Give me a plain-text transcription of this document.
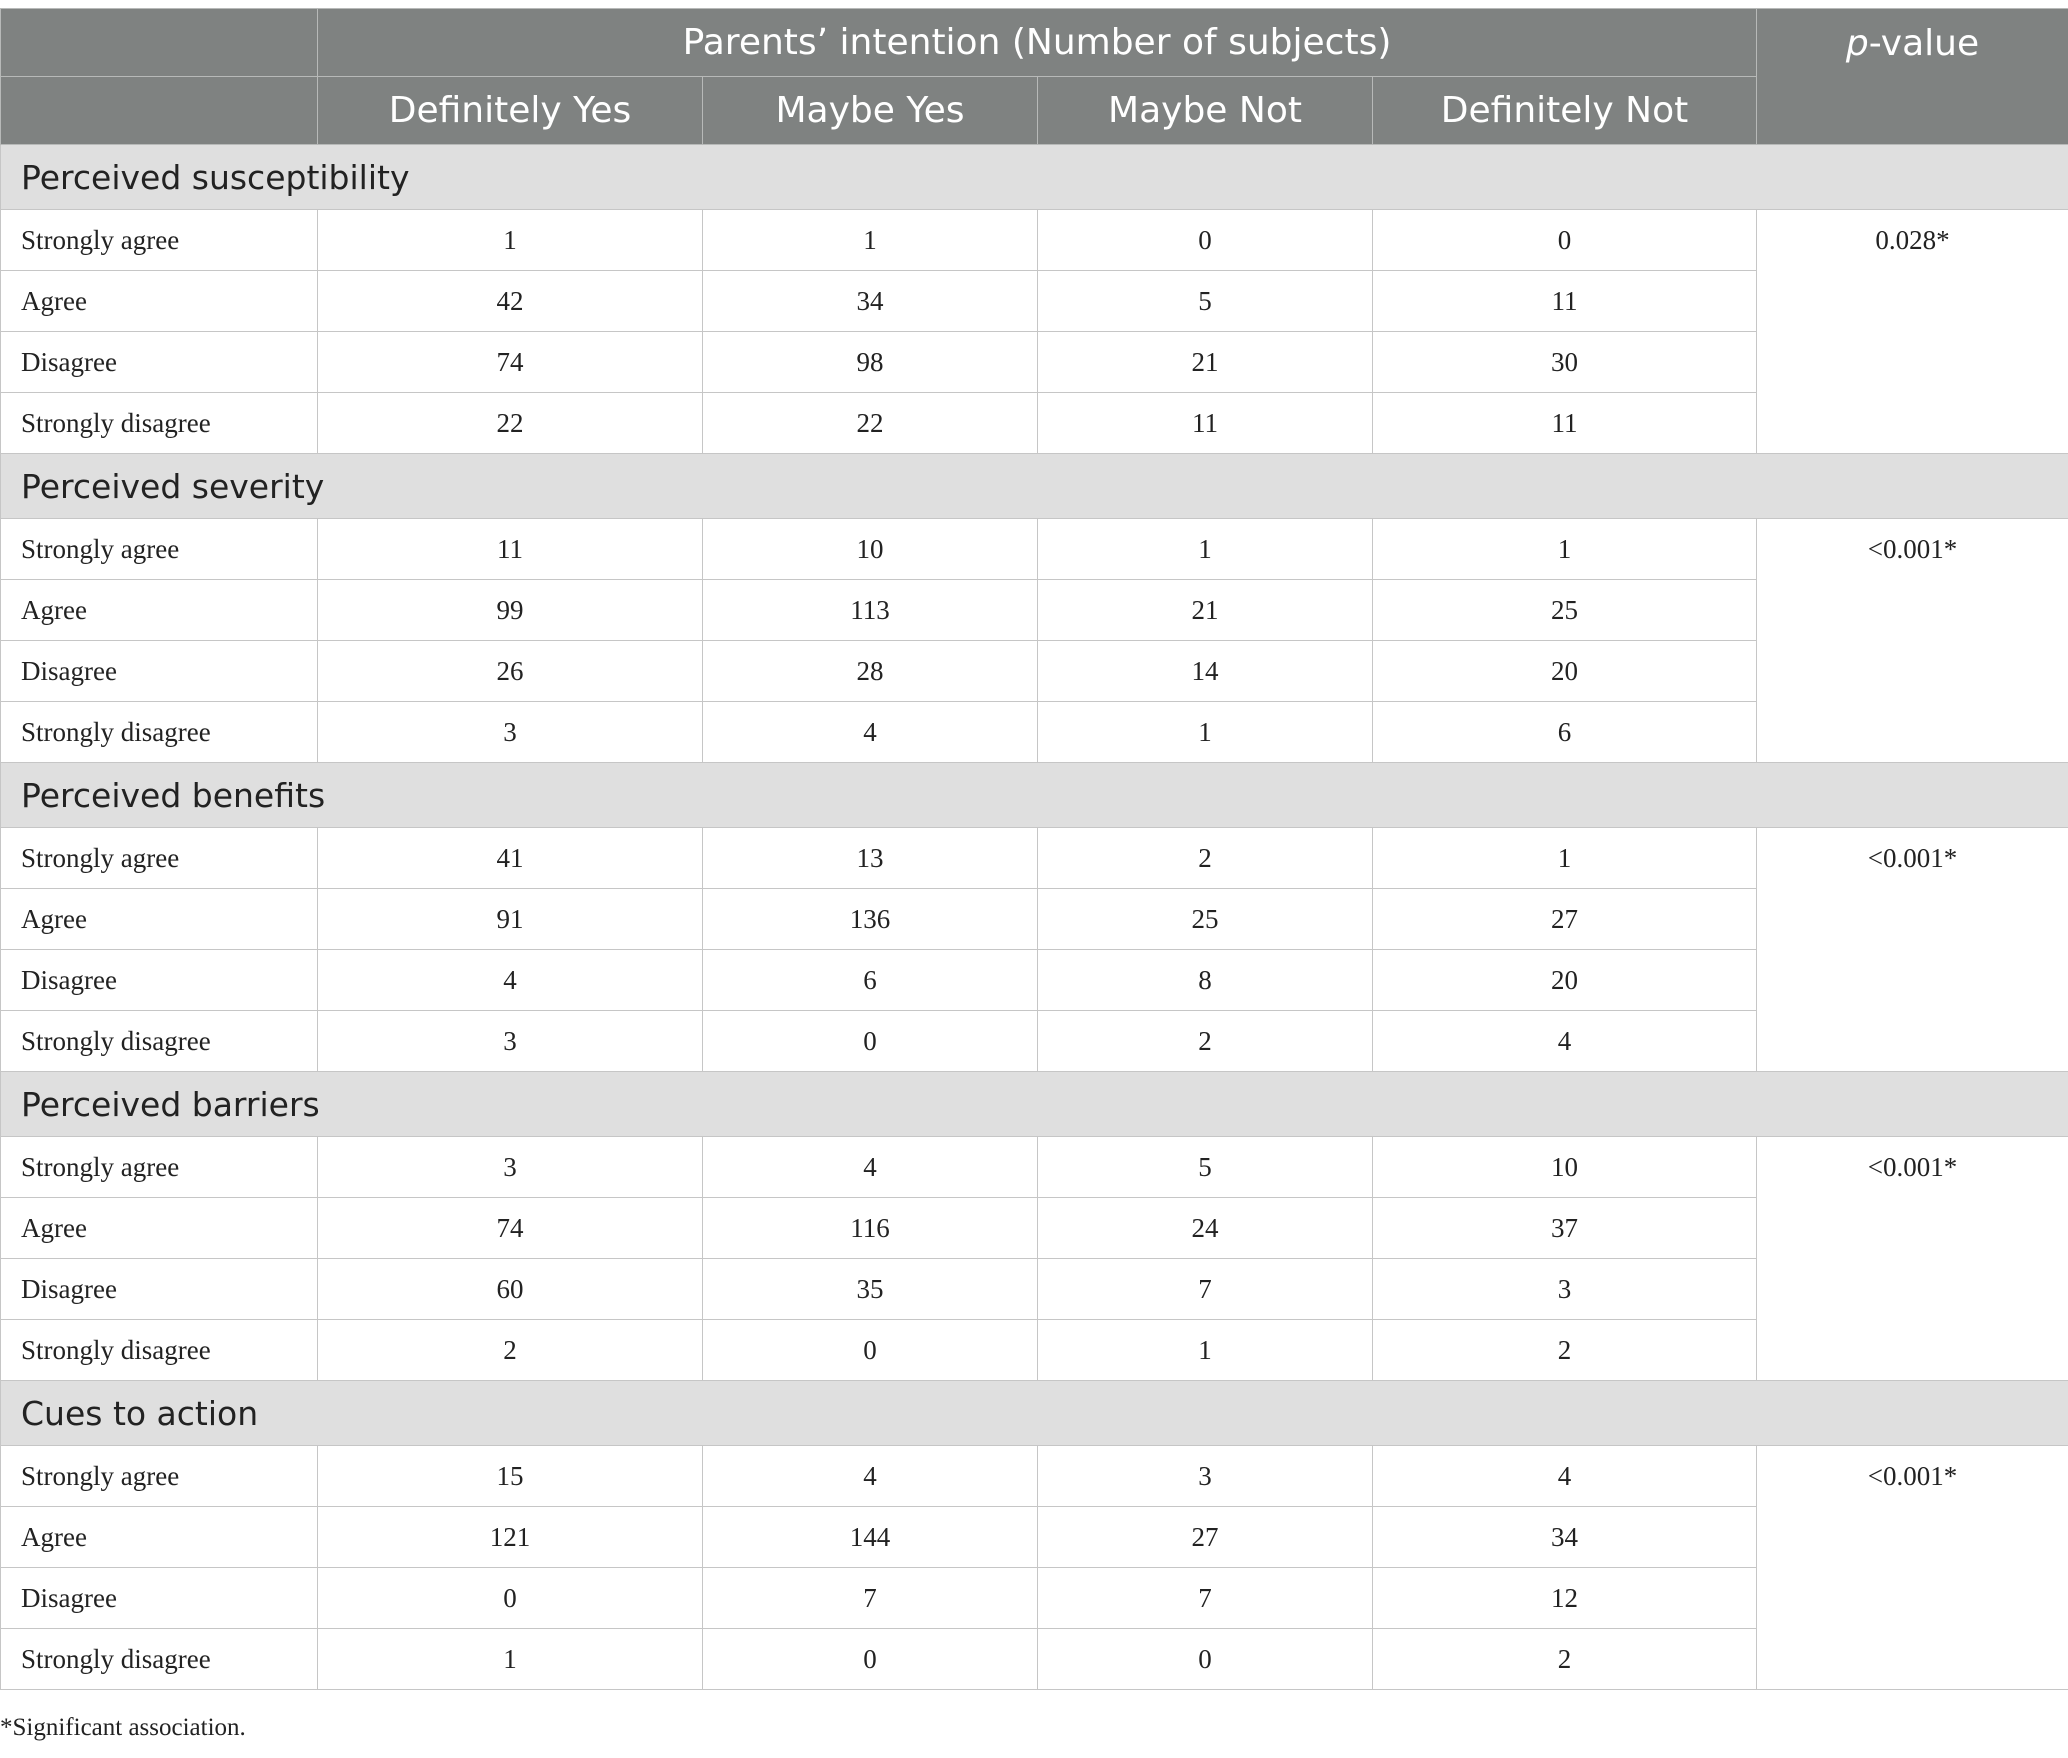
	Parents’ intention (Number of subjects)				p-value
	Definitely Yes	Maybe Yes	Maybe Not	Definitely Not	
Perceived susceptibility					
Strongly agree	1	1	0	0	0.028*
Agree	42	34	5	11	
Disagree	74	98	21	30	
Strongly disagree	22	22	11	11	
Perceived severity					
Strongly agree	11	10	1	1	<0.001*
Agree	99	113	21	25	
Disagree	26	28	14	20	
Strongly disagree	3	4	1	6	
Perceived benefits					
Strongly agree	41	13	2	1	<0.001*
Agree	91	136	25	27	
Disagree	4	6	8	20	
Strongly disagree	3	0	2	4	
Perceived barriers					
Strongly agree	3	4	5	10	<0.001*
Agree	74	116	24	37	
Disagree	60	35	7	3	
Strongly disagree	2	0	1	2	
Cues to action					
Strongly agree	15	4	3	4	<0.001*
Agree	121	144	27	34	
Disagree	0	7	7	12	
Strongly disagree	1	0	0	2	
*Significant association.
